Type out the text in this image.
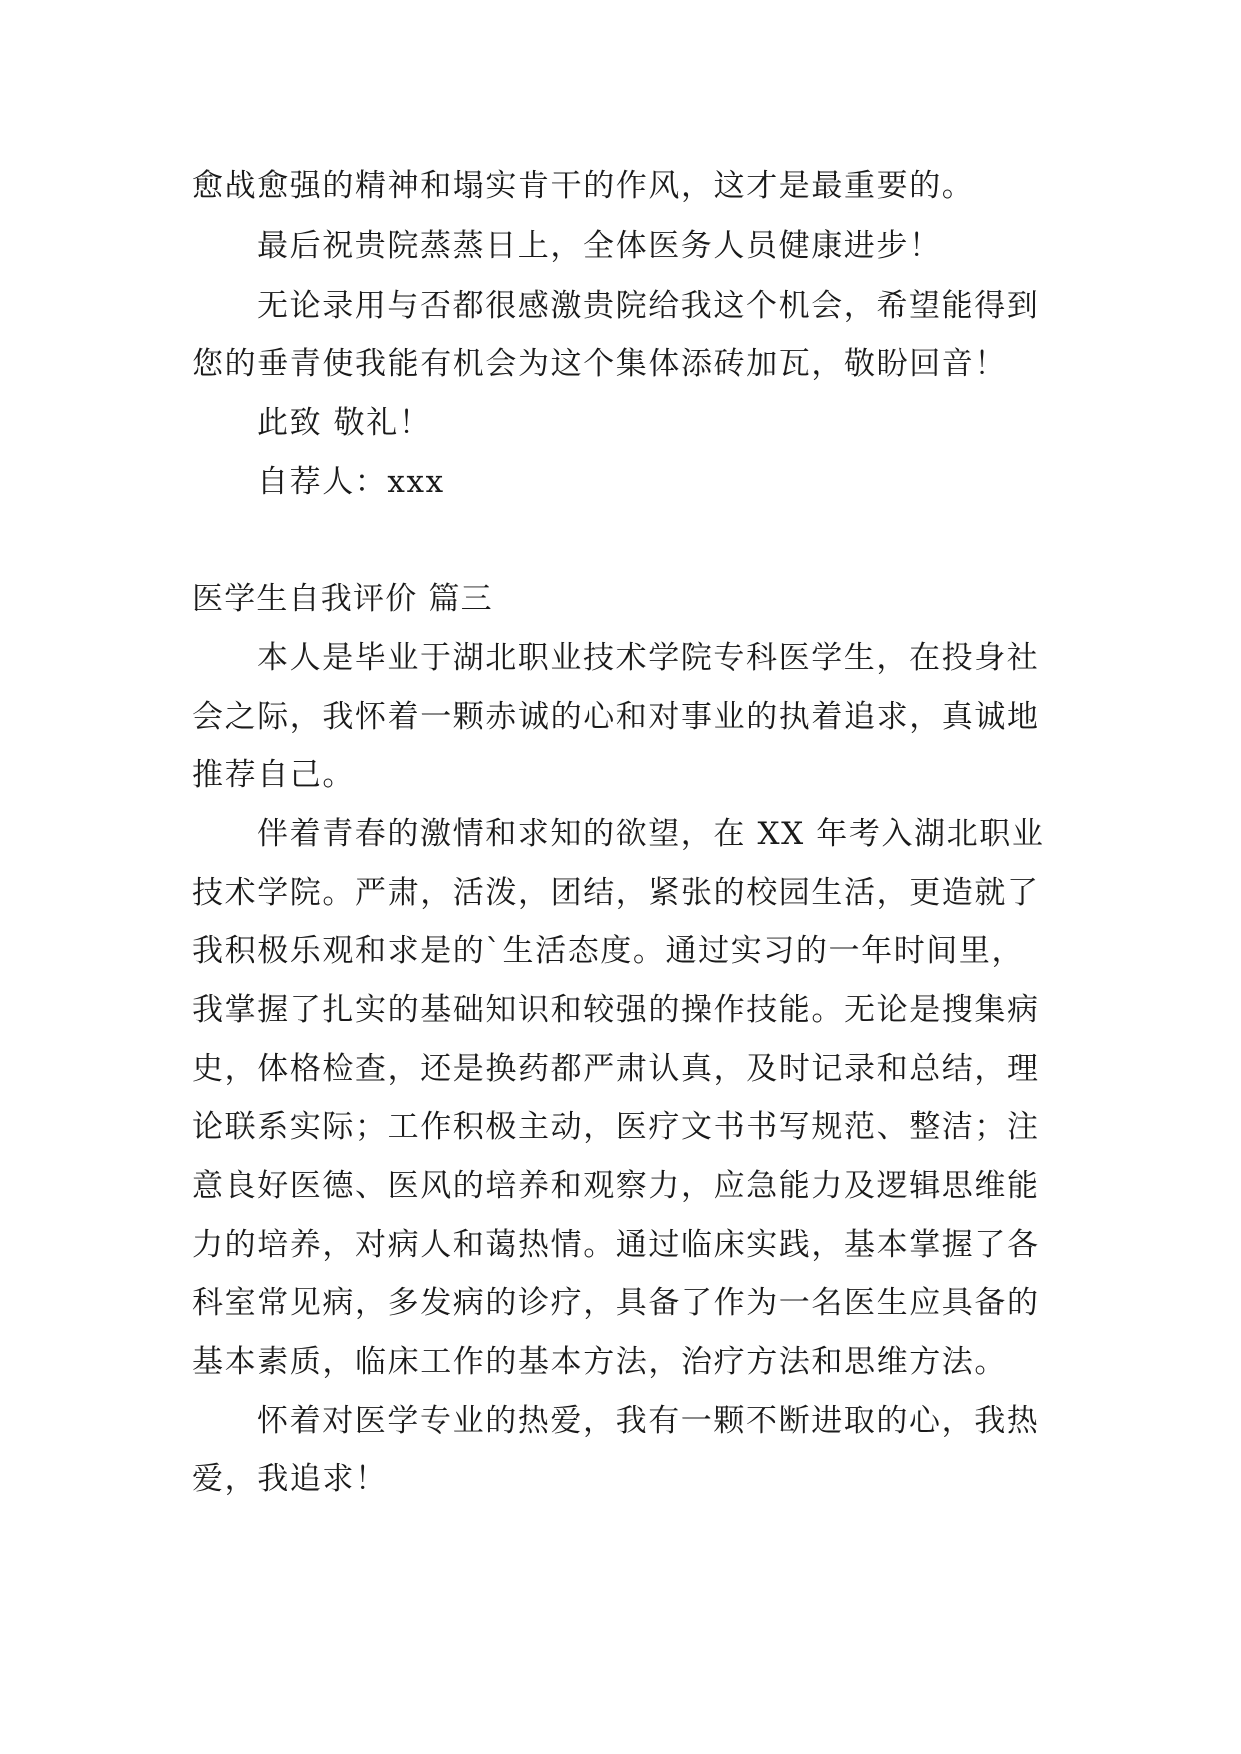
愈战愈强的精神和塌实肯干的作风，这才是最重要的。
最后祝贵院蒸蒸日上，全体医务人员健康进步！
无论录用与否都很感激贵院给我这个机会，希望能得到
您的垂青使我能有机会为这个集体添砖加瓦，敬盼回音！
此致 敬礼！
自荐人：xxx
医学生自我评价 篇三
本人是毕业于湖北职业技术学院专科医学生，在投身社
会之际，我怀着一颗赤诚的心和对事业的执着追求，真诚地
推荐自己。
伴着青春的激情和求知的欲望，在 XX 年考入湖北职业
技术学院。严肃，活泼，团结，紧张的校园生活，更造就了
我积极乐观和求是的`生活态度。通过实习的一年时间里，
我掌握了扎实的基础知识和较强的操作技能。无论是搜集病
史，体格检查，还是换药都严肃认真，及时记录和总结，理
论联系实际；工作积极主动，医疗文书书写规范、整洁；注
意良好医德、医风的培养和观察力，应急能力及逻辑思维能
力的培养，对病人和蔼热情。通过临床实践，基本掌握了各
科室常见病，多发病的诊疗，具备了作为一名医生应具备的
基本素质，临床工作的基本方法，治疗方法和思维方法。
怀着对医学专业的热爱，我有一颗不断进取的心，我热
爱，我追求！
